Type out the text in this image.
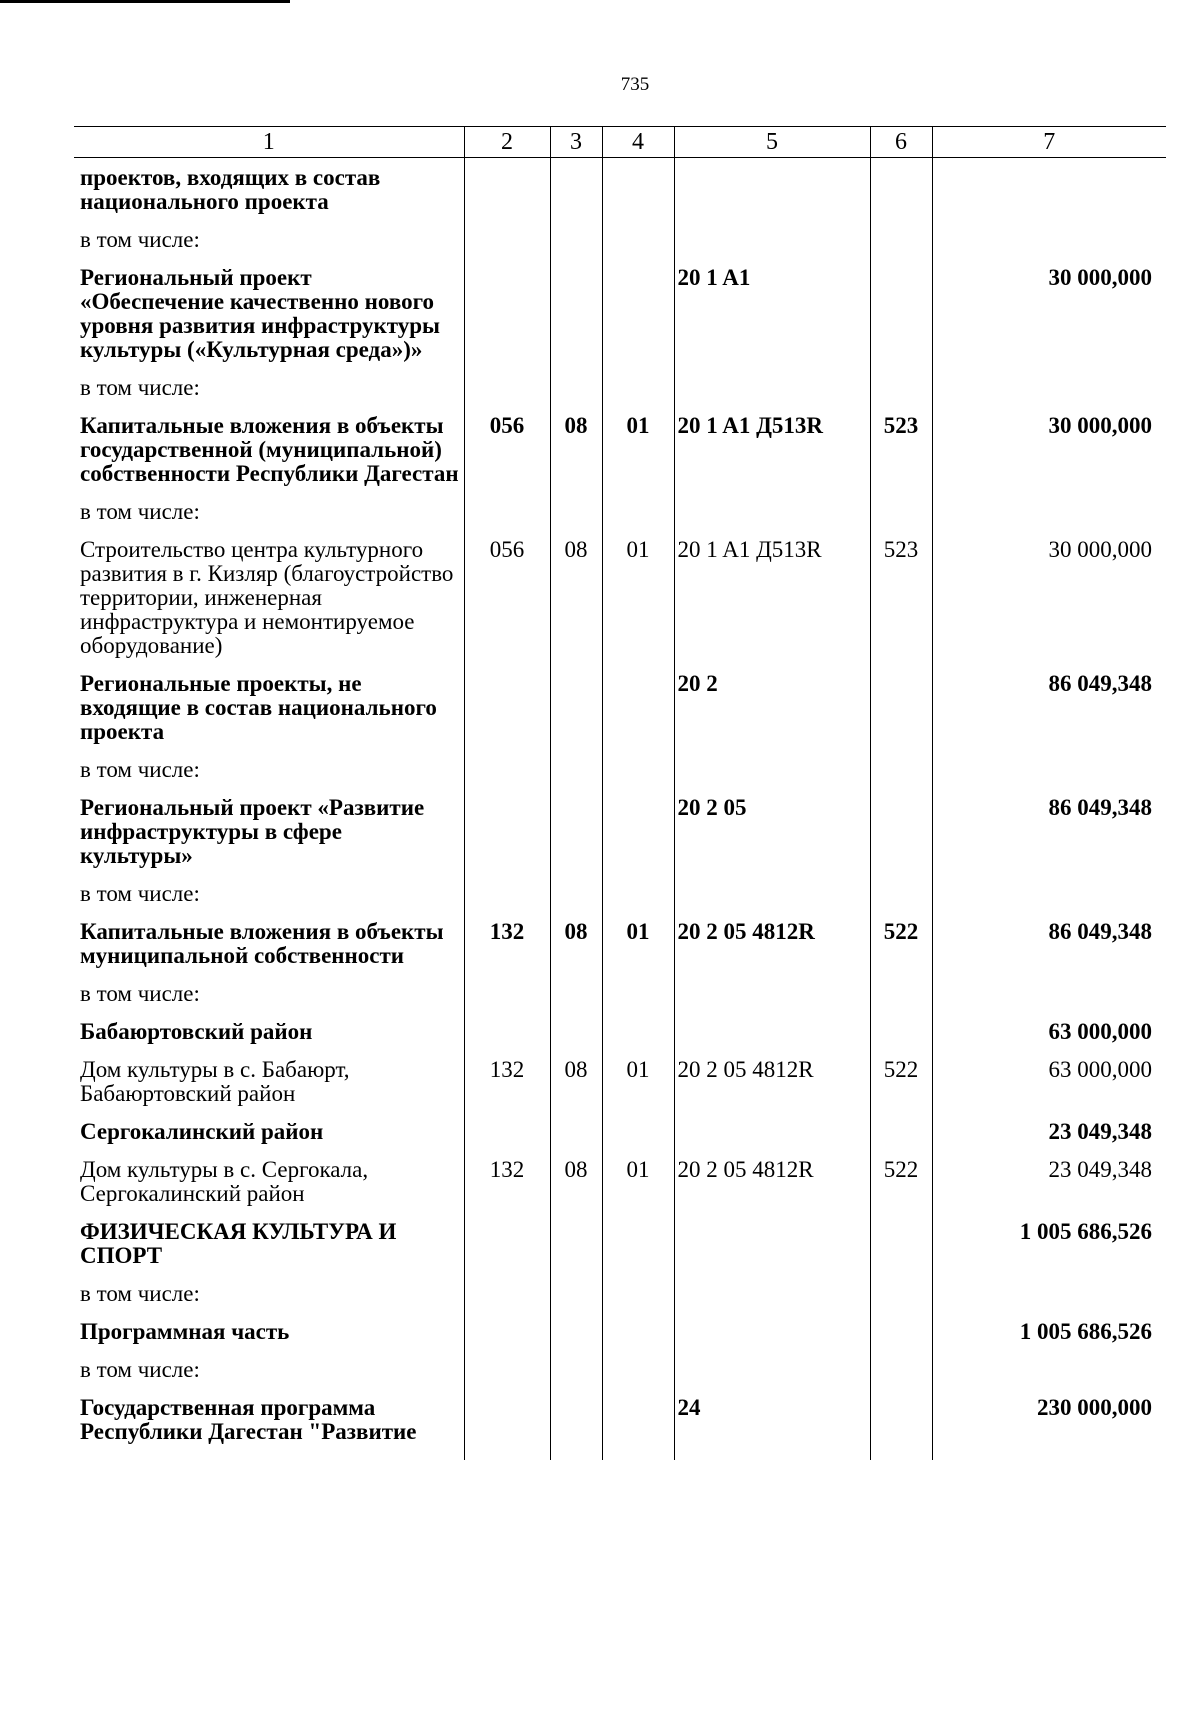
735
1	2	3	4	5	6	7
проектов, входящих в состав национального проекта						
в том числе:						
Региональный проект «Обеспечение качественно нового уровня развития инфраструктуры культуры («Культурная среда»)»				20 1 A1		30 000,000
в том числе:						
Капитальные вложения в объекты государственной (муниципальной) собственности Республики Дагестан	056	08	01	20 1 A1 Д513R	523	30 000,000
в том числе:						
Строительство центра культурного развития в г. Кизляр (благоустройство территории, инженерная инфраструктура и немонтируемое оборудование)	056	08	01	20 1 A1 Д513R	523	30 000,000
Региональные проекты, не входящие в состав национального проекта				20 2		86 049,348
в том числе:						
Региональный проект «Развитие инфраструктуры в сфере культуры»				20 2 05		86 049,348
в том числе:						
Капитальные вложения в объекты муниципальной собственности	132	08	01	20 2 05 4812R	522	86 049,348
в том числе:						
Бабаюртовский район						63 000,000
Дом культуры в с. Бабаюрт, Бабаюртовский район	132	08	01	20 2 05 4812R	522	63 000,000
Сергокалинский район						23 049,348
Дом культуры в с. Сергокала, Сергокалинский район	132	08	01	20 2 05 4812R	522	23 049,348
ФИЗИЧЕСКАЯ КУЛЬТУРА И СПОРТ						1 005 686,526
в том числе:						
Программная часть						1 005 686,526
в том числе:						
Государственная программа Республики Дагестан "Развитие				24		230 000,000
